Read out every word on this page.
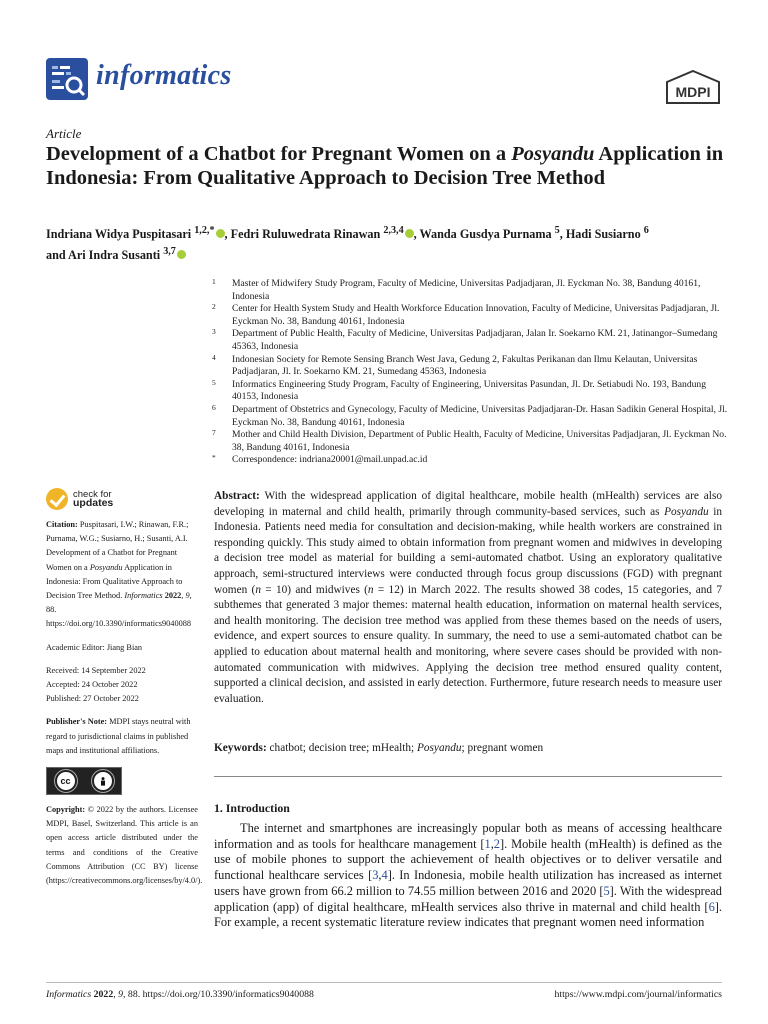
informatics
MDPI
Article
Development of a Chatbot for Pregnant Women on a Posyandu Application in Indonesia: From Qualitative Approach to Decision Tree Method
Indriana Widya Puspitasari $^{1,2,*}$ , Fedri Ruluwedrata Rinawan $^{2,3,4}$ , Wanda Gusdya Purnama $^5$, Hadi Susiarno $^6$
and Ari Indra Susanti $^{3,7}$
1 Master of Midwifery Study Program, Faculty of Medicine, Universitas Padjadjaran, Jl. Eyckman No. 38, Bandung 40161, Indonesia
2 Center for Health System Study and Health Workforce Education Innovation, Faculty of Medicine, Universitas Padjadjaran, Jl. Eyckman No. 38, Bandung 40161, Indonesia
3 Department of Public Health, Faculty of Medicine, Universitas Padjadjaran, Jalan Ir. Soekarno KM. 21, Jatinangor–Sumedang 45363, Indonesia
4 Indonesian Society for Remote Sensing Branch West Java, Gedung 2, Fakultas Perikanan dan Ilmu Kelautan, Universitas Padjadjaran, Jl. Ir. Soekarno KM. 21, Sumedang 45363, Indonesia
5 Informatics Engineering Study Program, Faculty of Engineering, Universitas Pasundan, Jl. Dr. Setiabudi No. 193, Bandung 40153, Indonesia
6 Department of Obstetrics and Gynecology, Faculty of Medicine, Universitas Padjadjaran-Dr. Hasan Sadikin General Hospital, Jl. Eyckman No. 38, Bandung 40161, Indonesia
7 Mother and Child Health Division, Department of Public Health, Faculty of Medicine, Universitas Padjadjaran, Jl. Eyckman No. 38, Bandung 40161, Indonesia
* Correspondence: indriana20001@mail.unpad.ac.id
check for
updates
Citation: Puspitasari, I.W.; Rinawan, F.R.; Purnama, W.G.; Susiarno, H.; Susanti, A.I. Development of a Chatbot for Pregnant Women on a Posyandu Application in Indonesia: From Qualitative Approach to Decision Tree Method. Informatics 2022, 9, 88. https://doi.org/10.3390/informatics9040088
Academic Editor: Jiang Bian
Received: 14 September 2022
Accepted: 24 October 2022
Published: 27 October 2022
Publisher's Note: MDPI stays neutral with regard to jurisdictional claims in published maps and institutional affiliations.
cc
BY
Copyright: © 2022 by the authors. Licensee MDPI, Basel, Switzerland. This article is an open access article distributed under the terms and conditions of the Creative Commons Attribution (CC BY) license (https://creativecommons.org/licenses/by/4.0/).
Abstract: With the widespread application of digital healthcare, mobile health (mHealth) services are also developing in maternal and child health, primarily through community-based services, such as Posyandu in Indonesia. Patients need media for consultation and decision-making, while health workers are constrained in responding quickly. This study aimed to obtain information from pregnant women and midwives in developing a decision tree model as material for building a semi-automated chatbot. Using an exploratory qualitative approach, semi-structured interviews were conducted through focus group discussions (FGD) with pregnant women (n = 10) and midwives (n = 12) in March 2022. The results showed 38 codes, 15 categories, and 7 subthemes that generated 3 major themes: maternal health education, information on maternal health services, and health monitoring. The decision tree method was applied from these themes based on the needs of users, evidence, and expert sources to ensure quality. In summary, the need to use a semi-automated chatbot can be applied to education about maternal health and monitoring, where severe cases should be provided with non-automated communication with midwives. Applying the decision tree method ensured quality content, supported a clinical decision, and assisted in early detection. Furthermore, future research needs to measure user evaluation.
Keywords: chatbot; decision tree; mHealth; Posyandu; pregnant women
1. Introduction
The internet and smartphones are increasingly popular both as means of accessing healthcare information and as tools for healthcare management [1,2]. Mobile health (mHealth) is defined as the use of mobile phones to support the achievement of health objectives or to deliver versatile and functional healthcare services [3,4]. In Indonesia, mobile health utilization has increased as internet users have grown from 66.2 million to 74.55 million between 2016 and 2020 [5]. With the widespread application (app) of digital healthcare, mHealth services also thrive in maternal and child health [6]. For example, a recent systematic literature review indicates that pregnant women need information
Informatics 2022, 9, 88. https://doi.org/10.3390/informatics9040088	https://www.mdpi.com/journal/informatics
